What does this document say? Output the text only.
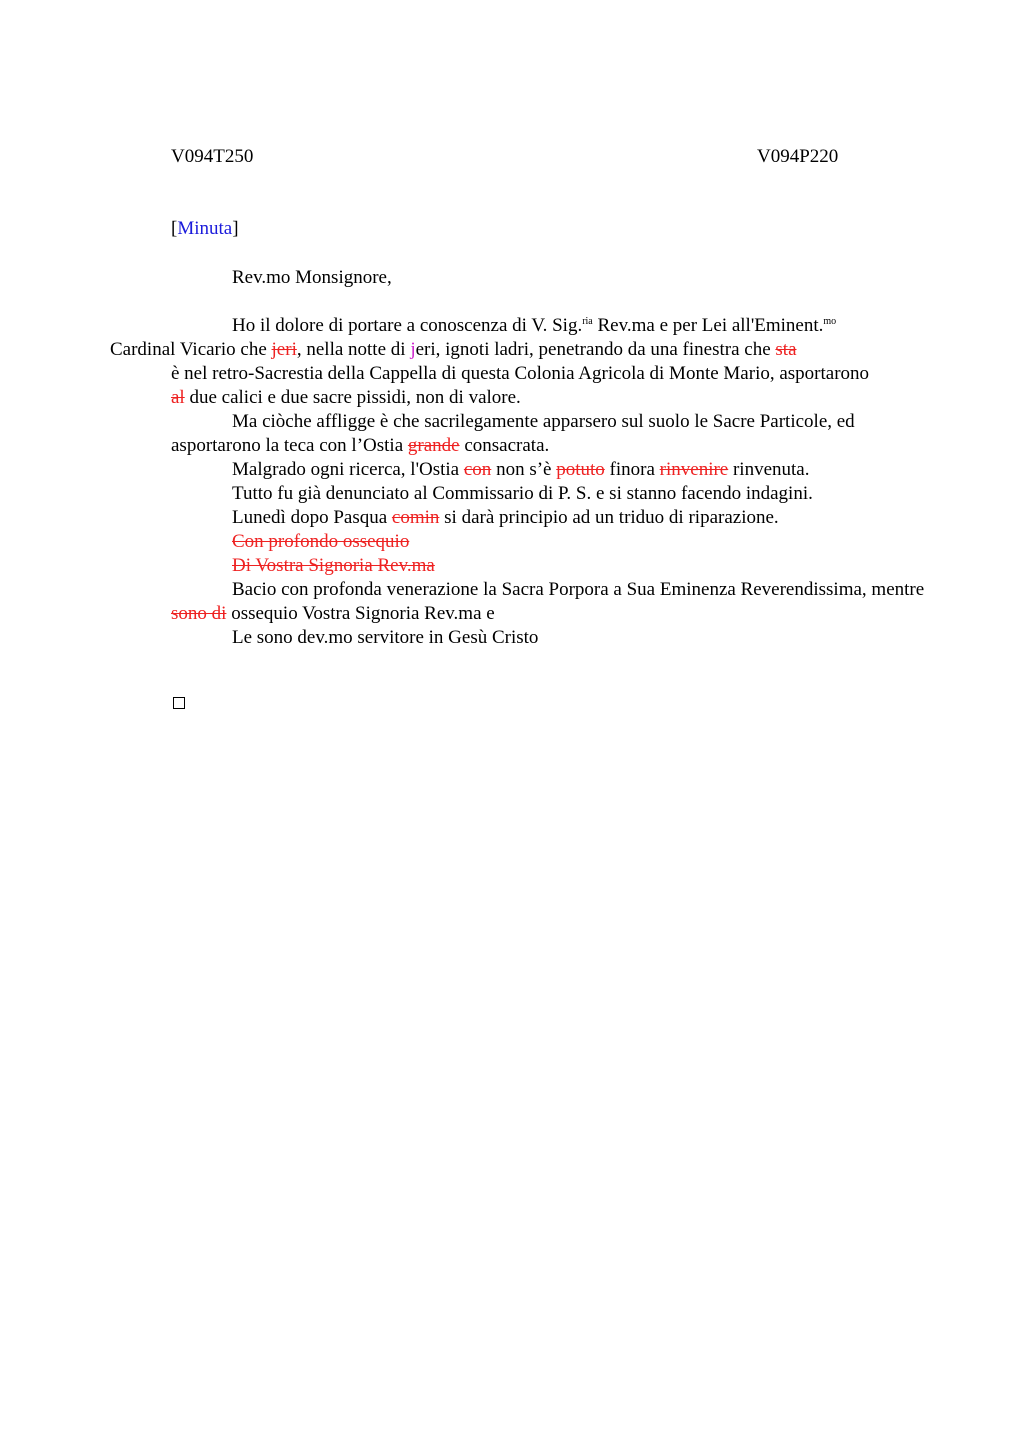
V094T250	V094P220
[Minuta]

Rev.mo Monsignore,

Ho il dolore di portare a conoscenza di V. Sig.$^{ria}$ Rev.ma e per Lei all'Eminent.$^{mo}$
Cardinal Vicario che jeri, nella notte di jeri, ignoti ladri, penetrando da una finestra che sta

è nel retro-Sacrestia della Cappella di questa Colonia Agricola di Monte Mario, asportarono
al due calici e due sacre pissidi, non di valore.

Ma ciòche affligge è che sacrilegamente apparsero sul suolo le Sacre Particole, ed asportarono la teca con l’Ostia grande consacrata.

Malgrado ogni ricerca, l'Ostia con non s’è potuto finora rinvenire rinvenuta.

Tutto fu già denunciato al Commissario di P. S. e si stanno facendo indagini.

Lunedì dopo Pasqua comin si darà principio ad un triduo di riparazione.

Con profondo ossequio

Di Vostra Signoria Rev.ma

Bacio con profonda venerazione la Sacra Porpora a Sua Eminenza Reverendissima, mentre sono di ossequio Vostra Signoria Rev.ma e

Le sono dev.mo servitore in Gesù Cristo
